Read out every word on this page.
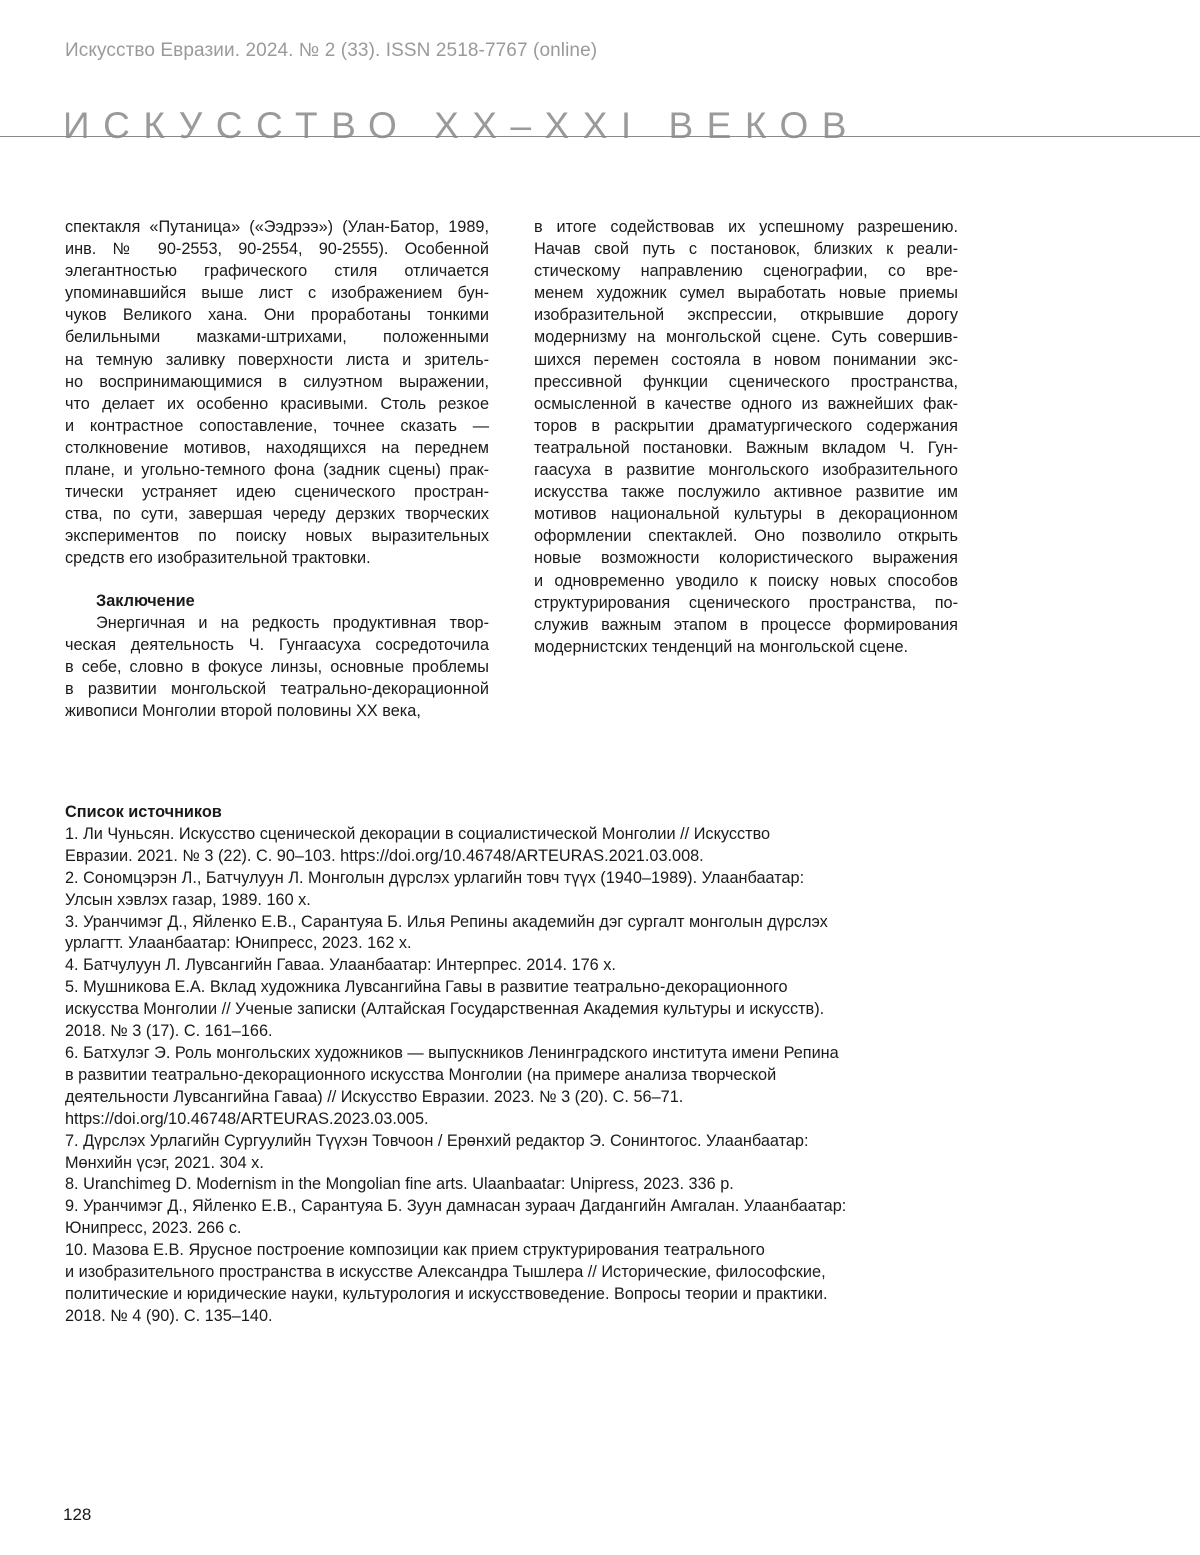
Искусство Евразии. 2024. № 2 (33). ISSN 2518-7767 (online)
ИСКУССТВО XX–XXI ВЕКОВ
спектакля «Путаница» («Ээдрээ») (Улан-Батор, 1989,
инв. № 90-2553, 90-2554, 90-2555). Особенной
элегантностью графического стиля отличается
упоминавшийся выше лист с изображением бун-
чуков Великого хана. Они проработаны тонкими
белильными мазками-штрихами, положенными
на темную заливку поверхности листа и зритель-
но воспринимающимися в силуэтном выражении,
что делает их особенно красивыми. Столь резкое
и контрастное сопоставление, точнее сказать —
столкновение мотивов, находящихся на переднем
плане, и угольно-темного фона (задник сцены) прак-
тически устраняет идею сценического простран-
ства, по сути, завершая череду дерзких творческих
экспериментов по поиску новых выразительных
средств его изобразительной трактовки.
Заключение
Энергичная и на редкость продуктивная твор-
ческая деятельность Ч. Гунгаасуха сосредоточила
в себе, словно в фокусе линзы, основные проблемы
в развитии монгольской театрально-декорационной
живописи Монголии второй половины XX века,
в итоге содействовав их успешному разрешению.
Начав свой путь с постановок, близких к реали-
стическому направлению сценографии, со вре-
менем художник сумел выработать новые приемы
изобразительной экспрессии, открывшие дорогу
модернизму на монгольской сцене. Суть совершив-
шихся перемен состояла в новом понимании экс-
прессивной функции сценического пространства,
осмысленной в качестве одного из важнейших фак-
торов в раскрытии драматургического содержания
театральной постановки. Важным вкладом Ч. Гун-
гаасуха в развитие монгольского изобразительного
искусства также послужило активное развитие им
мотивов национальной культуры в декорационном
оформлении спектаклей. Оно позволило открыть
новые возможности колористического выражения
и одновременно уводило к поиску новых способов
структурирования сценического пространства, по-
служив важным этапом в процессе формирования
модернистских тенденций на монгольской сцене.
Список источников
1. Ли Чуньсян. Искусство сценической декорации в социалистической Монголии // Искусство
Евразии. 2021. № 3 (22). С. 90–103. https://doi.org/10.46748/ARTEURAS.2021.03.008.
2. Сономцэрэн Л., Батчулуун Л. Монголын дүрслэх урлагийн товч түүх (1940–1989). Улаанбаатар:
Улсын хэвлэх газар, 1989. 160 х.
3. Уранчимэг Д., Яйленко Е.В., Сарантуяа Б. Илья Репины академийн дэг сургалт монголын дүрслэх
урлагтт. Улаанбаатар: Юнипресс, 2023. 162 х.
4. Батчулуун Л. Лувсангийн Гаваа. Улаанбаатар: Интерпрес. 2014. 176 х.
5. Мушникова Е.А. Вклад художника Лувсангийна Гавы в развитие театрально-декорационного
искусства Монголии // Ученые записки (Алтайская Государственная Академия культуры и искусств).
2018. № 3 (17). С. 161–166.
6. Батхулэг Э. Роль монгольских художников — выпускников Ленинградского института имени Репина
в развитии театрально-декорационного искусства Монголии (на примере анализа творческой
деятельности Лувсангийна Гаваа) // Искусство Евразии. 2023. № 3 (20). С. 56–71.
https://doi.org/10.46748/ARTEURAS.2023.03.005.
7. Дүрслэх Урлагийн Сургуулийн Түүхэн Товчоон / Ерөнхий редактор Э. Сонинтогос. Улаанбаатар:
Мөнхийн үсэг, 2021. 304 х.
8. Uranchimeg D. Modernism in the Mongolian fine arts. Ulaanbaatar: Unipress, 2023. 336 p.
9. Уранчимэг Д., Яйленко Е.В., Сарантуяа Б. Зуун дамнасан зураач Дагдангийн Амгалан. Улаанбаатар:
Юнипресс, 2023. 266 с.
10. Мазова Е.В. Ярусное построение композиции как прием структурирования театрального
и изобразительного пространства в искусстве Александра Тышлера // Исторические, философские,
политические и юридические науки, культурология и искусствоведение. Вопросы теории и практики.
2018. № 4 (90). С. 135–140.
128
